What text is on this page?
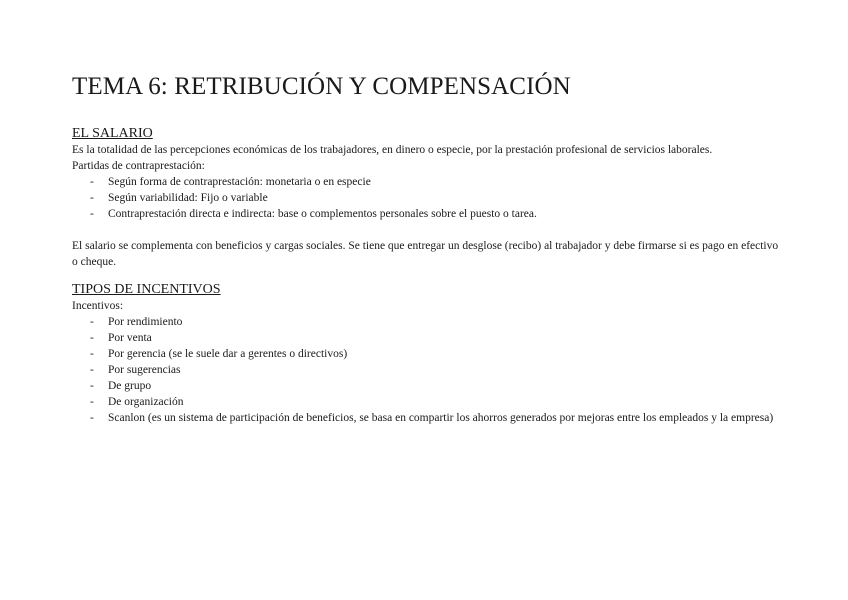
TEMA 6: RETRIBUCIÓN Y COMPENSACIÓN
EL SALARIO

Es la totalidad de las percepciones económicas de los trabajadores, en dinero o especie, por la prestación profesional de servicios laborales.

Partidas de contraprestación:

- Según forma de contraprestación: monetaria o en especie
- Según variabilidad: Fijo o variable
- Contraprestación directa e indirecta: base o complementos personales sobre el puesto o tarea.

El salario se complementa con beneficios y cargas sociales. Se tiene que entregar un desglose (recibo) al trabajador y debe firmarse si es pago en efectivo o cheque.

TIPOS DE INCENTIVOS

Incentivos:

- Por rendimiento
- Por venta
- Por gerencia (se le suele dar a gerentes o directivos)
- Por sugerencias
- De grupo
- De organización
- Scanlon (es un sistema de participación de beneficios, se basa en compartir los ahorros generados por mejoras entre los empleados y la empresa)
